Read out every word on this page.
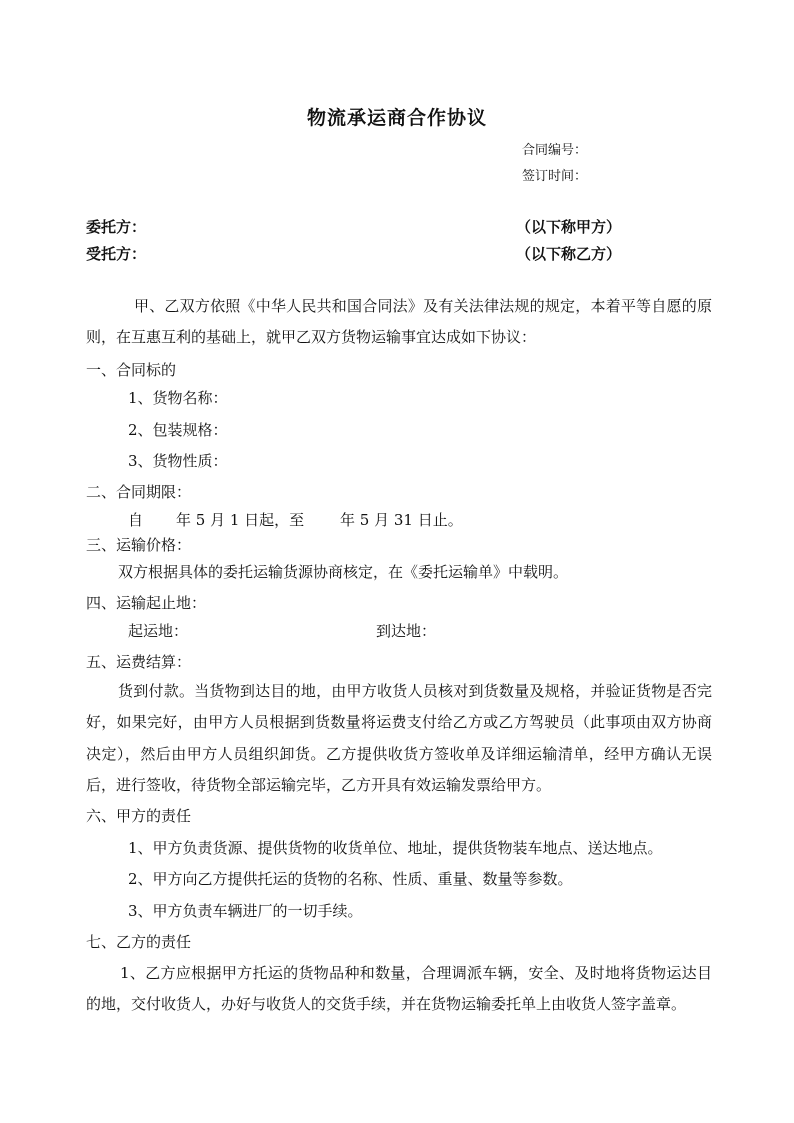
物流承运商合作协议
合同编号：
签订时间：
委托方：	（以下称甲方）
受托方：	（以下称乙方）
甲、乙双方依照《中华人民共和国合同法》及有关法律法规的规定，本着平等自愿的原则，在互惠互利的基础上，就甲乙双方货物运输事宜达成如下协议：
一、合同标的
1、货物名称：
2、包装规格：
3、货物性质：
二、合同期限：
自 年 5 月 1 日起，至 年 5 月 31 日止。
三、运输价格：
双方根据具体的委托运输货源协商核定，在《委托运输单》中载明。
四、运输起止地：
起运地：	到达地：
五、运费结算：
货到付款。当货物到达目的地，由甲方收货人员核对到货数量及规格，并验证货物是否完好，如果完好，由甲方人员根据到货数量将运费支付给乙方或乙方驾驶员（此事项由双方协商决定），然后由甲方人员组织卸货。乙方提供收货方签收单及详细运输清单，经甲方确认无误后，进行签收，待货物全部运输完毕，乙方开具有效运输发票给甲方。
六、甲方的责任
1、甲方负责货源、提供货物的收货单位、地址，提供货物装车地点、送达地点。
2、甲方向乙方提供托运的货物的名称、性质、重量、数量等参数。
3、甲方负责车辆进厂的一切手续。
七、乙方的责任
1、乙方应根据甲方托运的货物品种和数量，合理调派车辆，安全、及时地将货物运达目的地，交付收货人，办好与收货人的交货手续，并在货物运输委托单上由收货人签字盖章。
